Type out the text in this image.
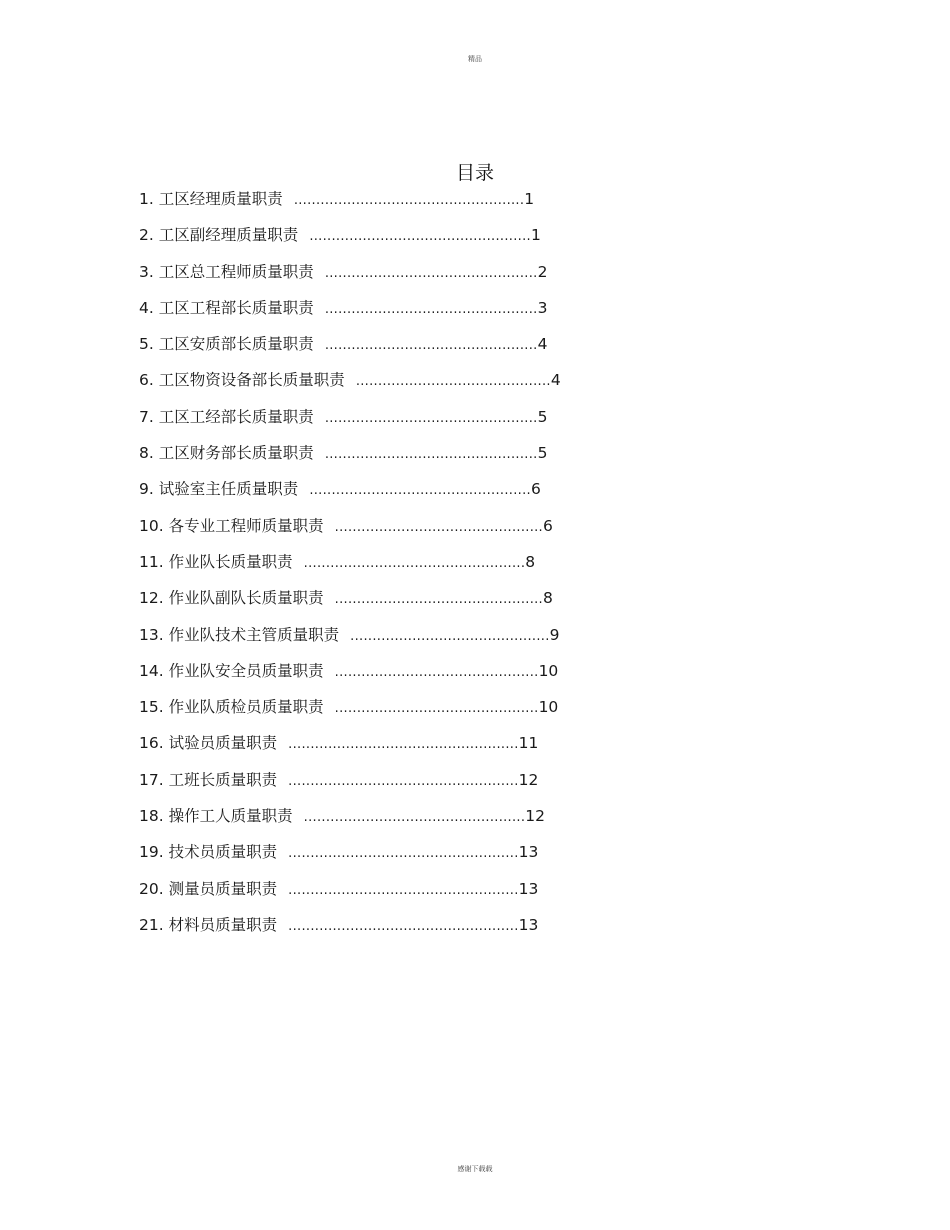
精品
目录
1. 工区经理质量职责 .................................................... 1
2. 工区副经理质量职责 .................................................. 1
3. 工区总工程师质量职责 ................................................ 2
4. 工区工程部长质量职责 ................................................ 3
5. 工区安质部长质量职责 ................................................ 4
6. 工区物资设备部长质量职责 ............................................ 4
7. 工区工经部长质量职责 ................................................ 5
8. 工区财务部长质量职责 ................................................ 5
9. 试验室主任质量职责 .................................................. 6
10. 各专业工程师质量职责 ............................................... 6
11. 作业队长质量职责 .................................................. 8
12. 作业队副队长质量职责 ............................................... 8
13. 作业队技术主管质量职责 ............................................. 9
14. 作业队安全员质量职责 .............................................. 10
15. 作业队质检员质量职责 .............................................. 10
16. 试验员质量职责 .................................................... 11
17. 工班长质量职责 .................................................... 12
18. 操作工人质量职责 .................................................. 12
19. 技术员质量职责 .................................................... 13
20. 测量员质量职责 .................................................... 13
21. 材料员质量职责 .................................................... 13
感谢下载载
